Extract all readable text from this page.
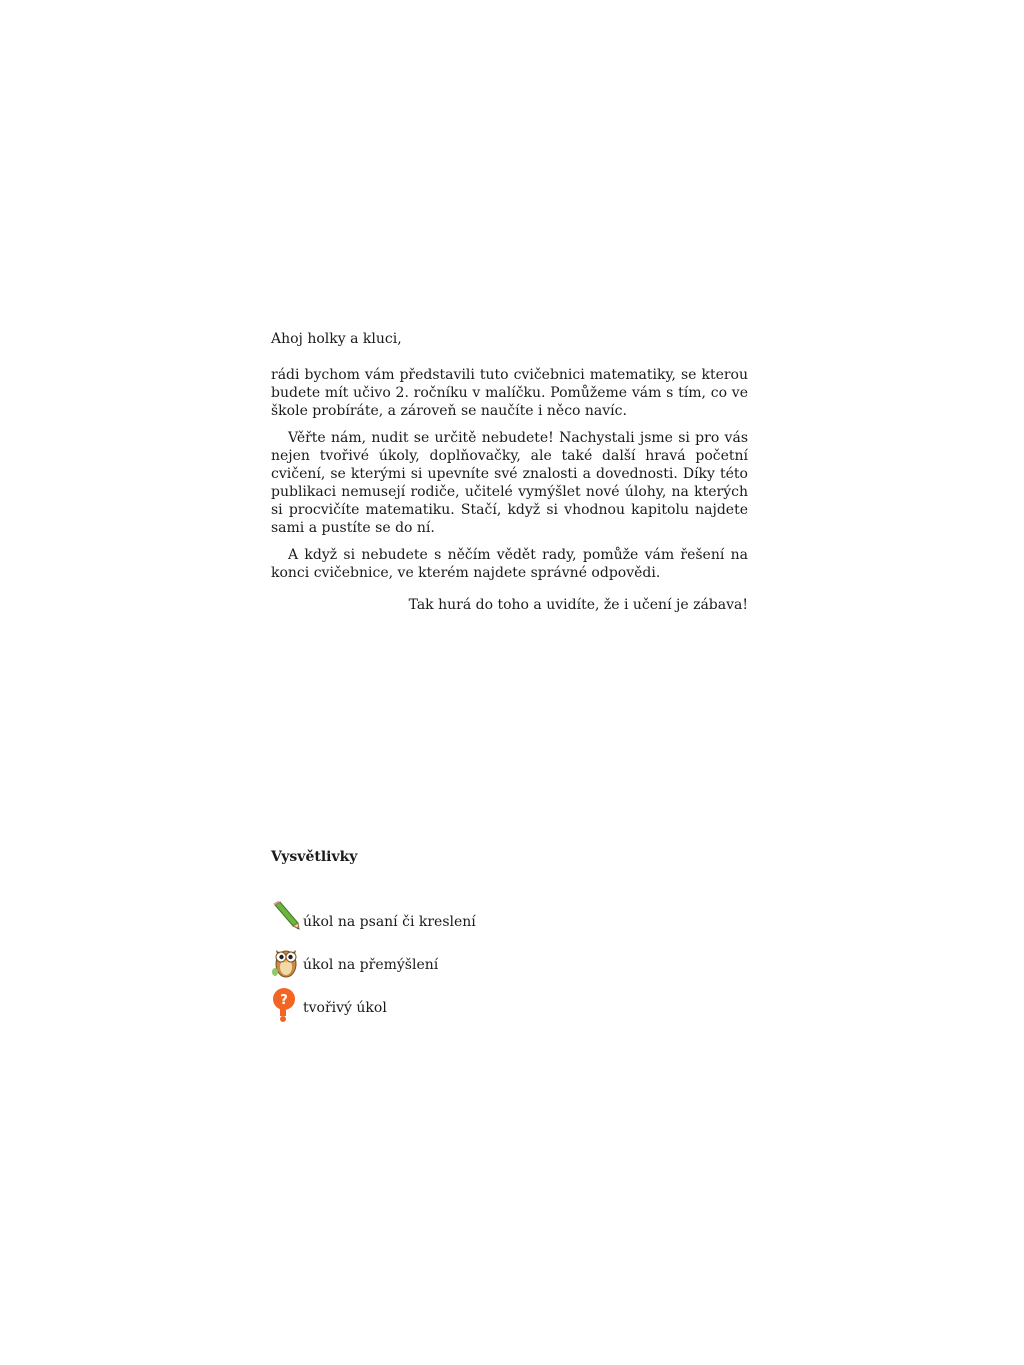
Ahoj holky a kluci,

rádi bychom vám představili tuto cvičebnici matematiky, se kterou budete mít učivo 2. ročníku v malíčku. Pomůžeme vám s tím, co ve škole probíráte, a zároveň se naučíte i něco navíc.

Věřte nám, nudit se určitě nebudete! Nachystali jsme si pro vás nejen tvořivé úkoly, doplňovačky, ale také další hravá početní cvičení, se kterými si upevníte své znalosti a dovednosti. Díky této publikaci nemusejí rodiče, učitelé vymýšlet nové úlohy, na kterých si procvičíte matematiku. Stačí, když si vhodnou kapitolu najdete sami a pustíte se do ní.

A když si nebudete s něčím vědět rady, pomůže vám řešení na konci cvičebnice, ve kterém najdete správné odpovědi.

Tak hurá do toho a uvidíte, že i učení je zábava!

Vysvětlivky

úkol na psaní či kreslení
úkol na přemýšlení
? tvořivý úkol
